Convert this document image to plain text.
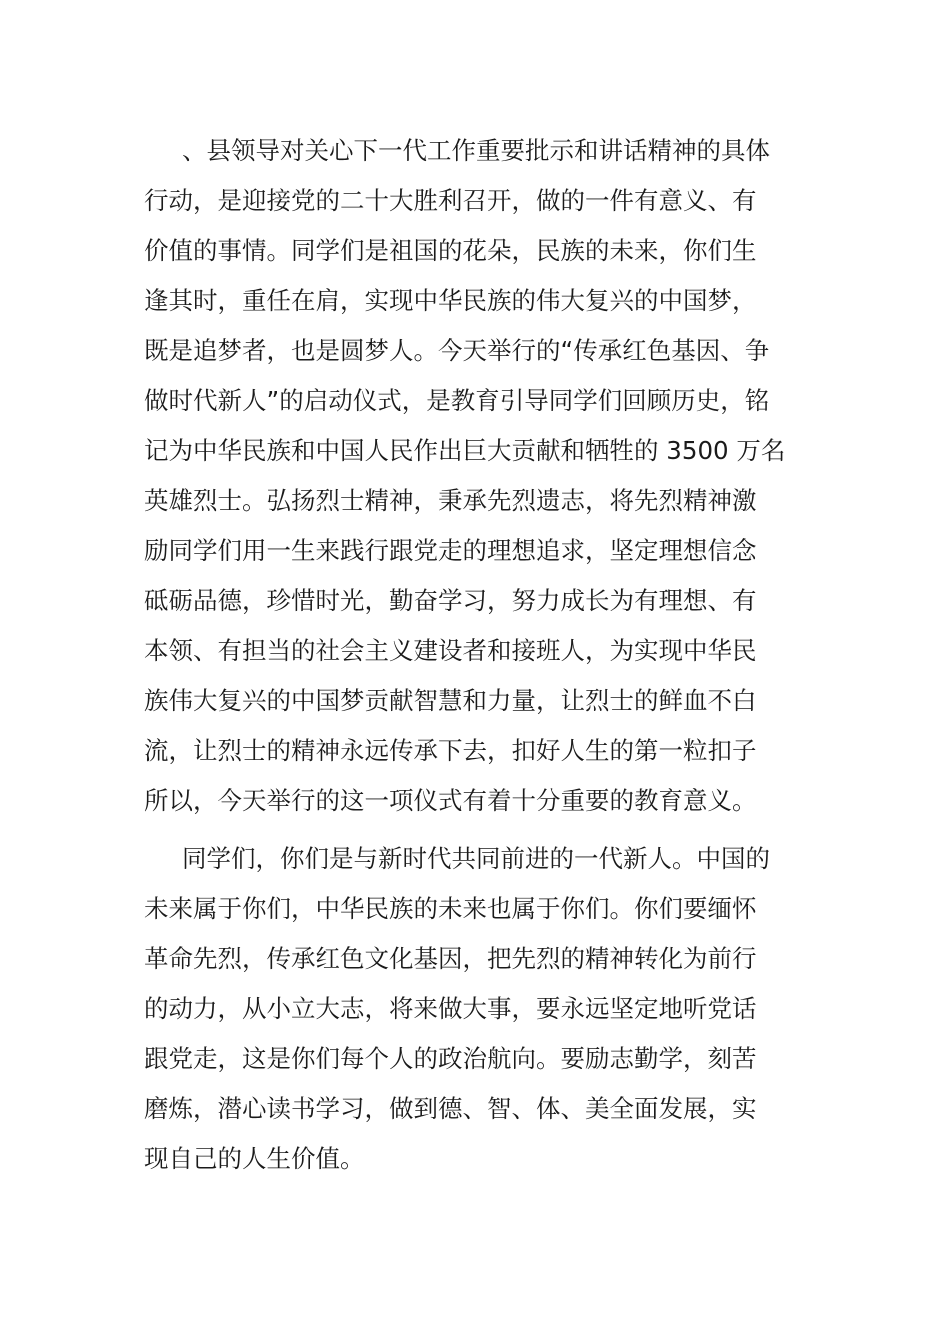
、县领导对关心下一代工作重要批示和讲话精神的具体
行动，是迎接党的二十大胜利召开，做的一件有意义、有
价值的事情。同学们是祖国的花朵，民族的未来，你们生
逢其时，重任在肩，实现中华民族的伟大复兴的中国梦，
既是追梦者，也是圆梦人。今天举行的“传承红色基因、争
做时代新人”的启动仪式，是教育引导同学们回顾历史，铭
记为中华民族和中国人民作出巨大贡献和牺牲的 3500 万名
英雄烈士。弘扬烈士精神，秉承先烈遗志，将先烈精神激
励同学们用一生来践行跟党走的理想追求，坚定理想信念
砥砺品德，珍惜时光，勤奋学习，努力成长为有理想、有
本领、有担当的社会主义建设者和接班人，为实现中华民
族伟大复兴的中国梦贡献智慧和力量，让烈士的鲜血不白
流，让烈士的精神永远传承下去，扣好人生的第一粒扣子
所以，今天举行的这一项仪式有着十分重要的教育意义。
同学们，你们是与新时代共同前进的一代新人。中国的
未来属于你们，中华民族的未来也属于你们。你们要缅怀
革命先烈，传承红色文化基因，把先烈的精神转化为前行
的动力，从小立大志，将来做大事，要永远坚定地听党话
跟党走，这是你们每个人的政治航向。要励志勤学，刻苦
磨炼，潜心读书学习，做到德、智、体、美全面发展，实
现自己的人生价值。
